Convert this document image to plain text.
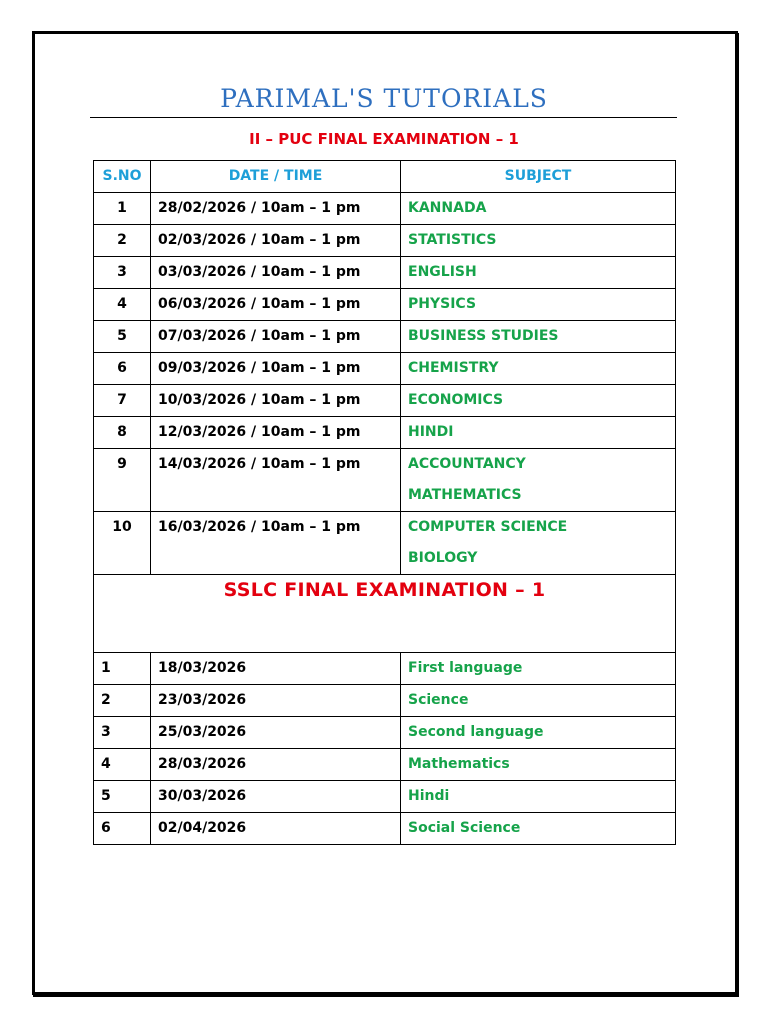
PARIMAL'S TUTORIALS
II – PUC FINAL EXAMINATION – 1
S.NO	DATE / TIME	SUBJECT
1	28/02/2026 / 10am – 1 pm	KANNADA

2	02/03/2026 / 10am – 1 pm	STATISTICS

3	03/03/2026 / 10am – 1 pm	ENGLISH

4	06/03/2026 / 10am – 1 pm	PHYSICS

5	07/03/2026 / 10am – 1 pm	BUSINESS STUDIES

6	09/03/2026 / 10am – 1 pm	CHEMISTRY

7	10/03/2026 / 10am – 1 pm	ECONOMICS

8	12/03/2026 / 10am – 1 pm	HINDI

9	14/03/2026 / 10am – 1 pm	ACCOUNTANCY
MATHEMATICS

10	16/03/2026 / 10am – 1 pm	COMPUTER SCIENCE
BIOLOGY

SSLC FINAL EXAMINATION – 1		

1	18/03/2026	First language
2	23/03/2026	Science
3	25/03/2026	Second language
4	28/03/2026	Mathematics
5	30/03/2026	Hindi
6	02/04/2026	Social Science
